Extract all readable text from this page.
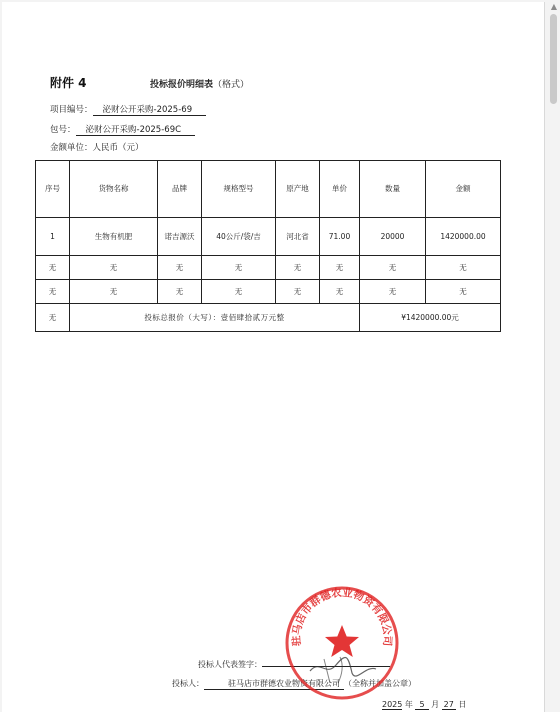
附件 4	投标报价明细表（格式）
项目编号： 泌财公开采购-2025-69
包号： 泌财公开采购-2025-69C
金额单位：人民币（元）
序号	货物名称	品牌	规格型号	原产地	单价	数量	金额
1	生物有机肥	诺吉源沃	40公斤/袋/吉	河北省	71.00	20000	1420000.00
无	无	无	无	无	无	无	无
无	无	无	无	无	无	无	无
无	投标总报价（大写）：壹佰肆拾贰万元整					¥1420000.00元	
投标人代表签字：
投标人：	驻马店市群德农业物资有限公司 （全称并加盖公章）
2025 年 5 月 27 日
驻马店市群德农业物资有限公司
▲
